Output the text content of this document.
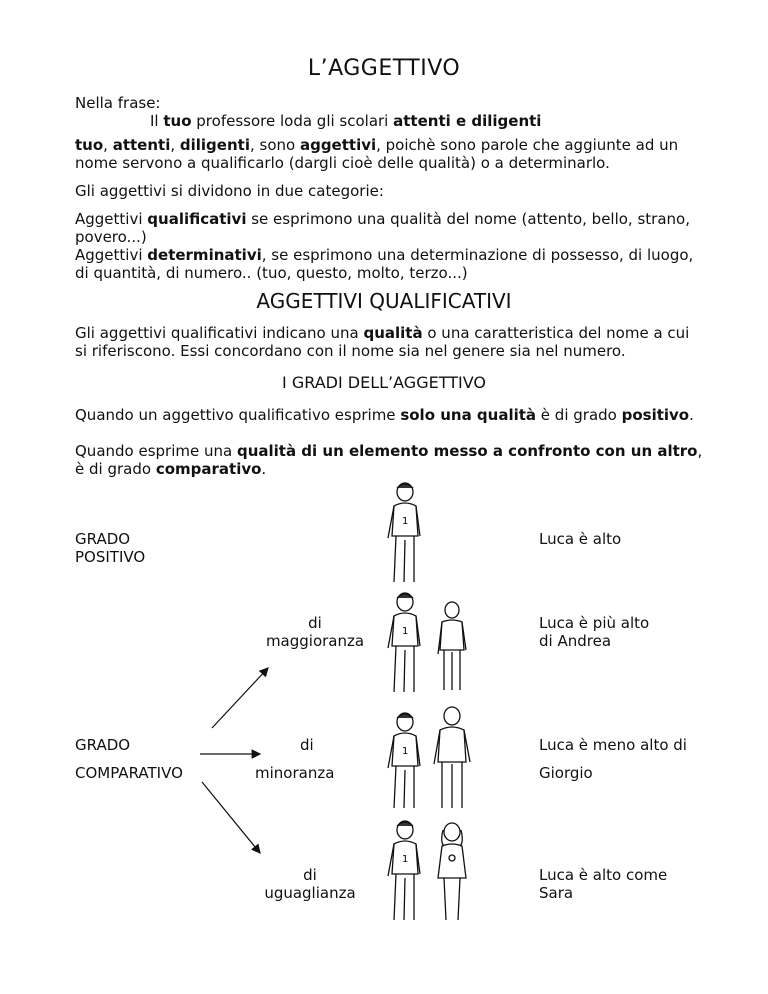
L’AGGETTIVO
Nella frase:
Il tuo professore loda gli scolari attenti e diligenti
tuo, attenti, diligenti, sono aggettivi, poichè sono parole che aggiunte ad un nome servono a qualificarlo (dargli cioè delle qualità) o a determinarlo.
Gli aggettivi si dividono in due categorie:
Aggettivi qualificativi se esprimono una qualità del nome (attento, bello, strano, povero...)
Aggettivi determinativi, se esprimono una determinazione di possesso, di luogo, di quantità, di numero.. (tuo, questo, molto, terzo...)
AGGETTIVI QUALIFICATIVI
Gli aggettivi qualificativi indicano una qualità o una caratteristica del nome a cui si riferiscono. Essi concordano con il nome sia nel genere sia nel numero.
I GRADI DELL’AGGETTIVO
Quando un aggettivo qualificativo esprime solo una qualità è di grado positivo.
Quando esprime una qualità di un elemento messo a confronto con un altro, è di grado comparativo.
GRADO
POSITIVO
Luca è alto
di
maggioranza
Luca è più alto
di Andrea
GRADO
COMPARATIVO
di
minoranza
Luca è meno alto di
Giorgio
di
uguaglianza
Luca è alto come
Sara
1
1
1
1
